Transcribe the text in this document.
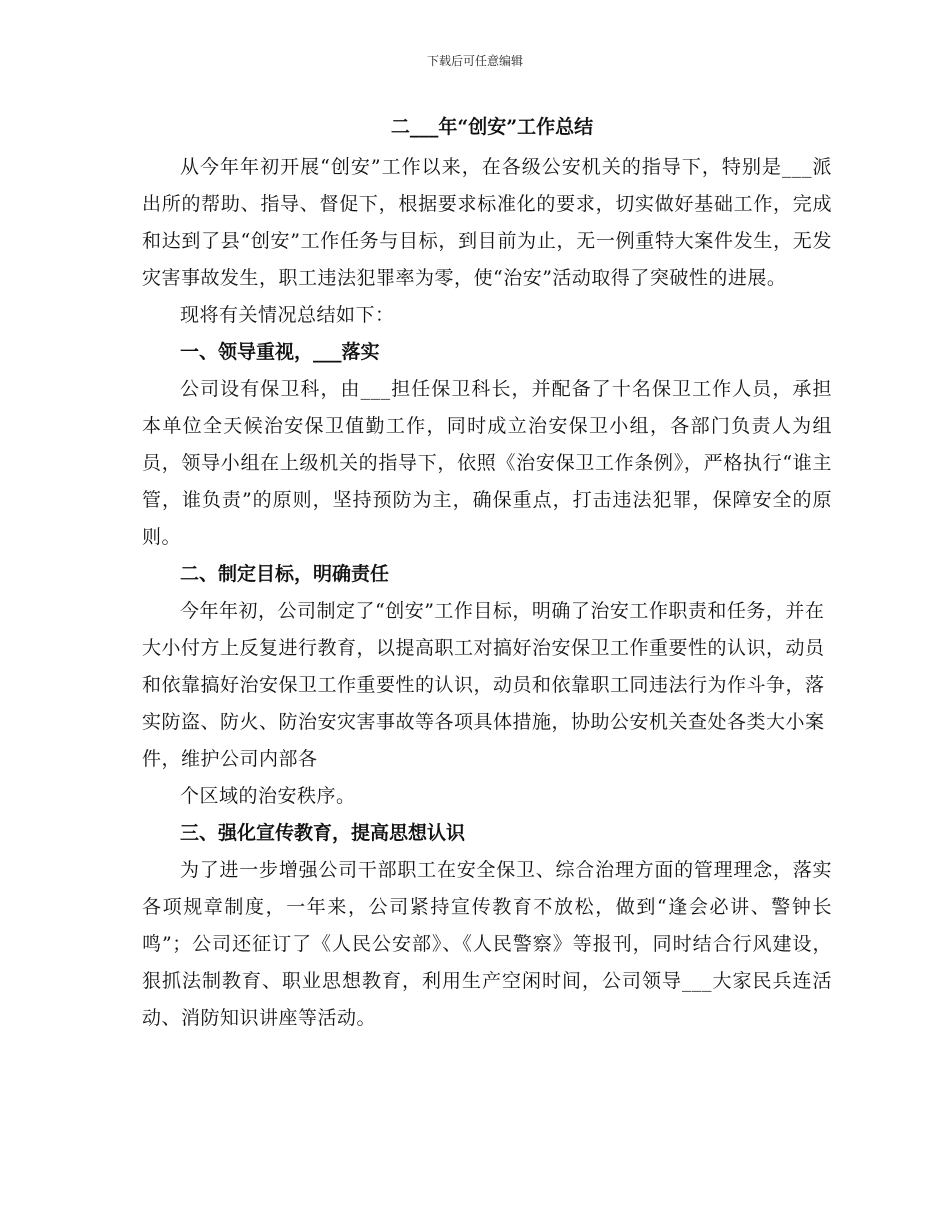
下载后可任意编辑
二___年“创安”工作总结

从今年年初开展“创安”工作以来，在各级公安机关的指导下，特别是___派出所的帮助、指导、督促下，根据要求标准化的要求，切实做好基础工作，完成和达到了县“创安”工作任务与目标，到目前为止，无一例重特大案件发生，无发灾害事故发生，职工违法犯罪率为零，使“治安”活动取得了突破性的进展。

现将有关情况总结如下：

一、领导重视，___落实

公司设有保卫科，由___担任保卫科长，并配备了十名保卫工作人员，承担本单位全天候治安保卫值勤工作，同时成立治安保卫小组，各部门负责人为组员，领导小组在上级机关的指导下，依照《治安保卫工作条例》，严格执行“谁主管，谁负责”的原则，坚持预防为主，确保重点，打击违法犯罪，保障安全的原则。

二、制定目标，明确责任

今年年初，公司制定了“创安”工作目标，明确了治安工作职责和任务，并在大小付方上反复进行教育，以提高职工对搞好治安保卫工作重要性的认识，动员和依靠搞好治安保卫工作重要性的认识，动员和依靠职工同违法行为作斗争，落实防盗、防火、防治安灾害事故等各项具体措施，协助公安机关查处各类大小案件，维护公司内部各

个区域的治安秩序。

三、强化宣传教育，提高思想认识

为了进一步增强公司干部职工在安全保卫、综合治理方面的管理理念，落实各项规章制度，一年来，公司紧持宣传教育不放松，做到“逢会必讲、警钟长鸣”；公司还征订了《人民公安部》、《人民警察》等报刊，同时结合行风建设，狠抓法制教育、职业思想教育，利用生产空闲时间，公司领导___大家民兵连活动、消防知识讲座等活动。
